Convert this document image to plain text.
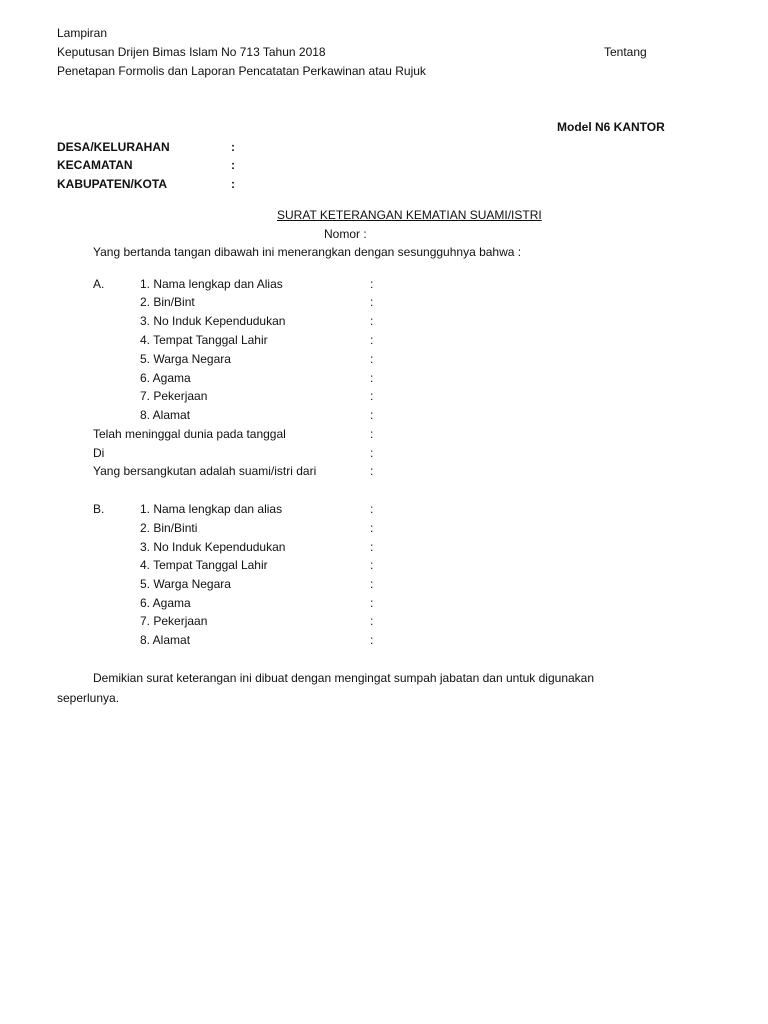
Lampiran
Keputusan Drijen Bimas Islam No 713 Tahun 2018	Tentang
Penetapan Formolis dan Laporan Pencatatan Perkawinan atau Rujuk
Model N6 KANTOR
DESA/KELURAHAN	:
KECAMATAN	:
KABUPATEN/KOTA	:
SURAT KETERANGAN KEMATIAN SUAMI/ISTRI
Nomor :
Yang bertanda tangan dibawah ini menerangkan dengan sesungguhnya bahwa :
A.	1. Nama lengkap dan Alias	:
2. Bin/Bint	:
3. No Induk Kependudukan	:
4. Tempat Tanggal Lahir	:
5. Warga Negara	:
6. Agama	:
7. Pekerjaan	:
8. Alamat	:
Telah meninggal dunia pada tanggal	:
Di	:
Yang bersangkutan adalah suami/istri dari	:
B.	1. Nama lengkap dan alias	:
2. Bin/Binti	:
3. No Induk Kependudukan	:
4. Tempat Tanggal Lahir	:
5. Warga Negara	:
6. Agama	:
7. Pekerjaan	:
8. Alamat	:
Demikian surat keterangan ini dibuat dengan mengingat sumpah jabatan dan untuk digunakan
seperlunya.
